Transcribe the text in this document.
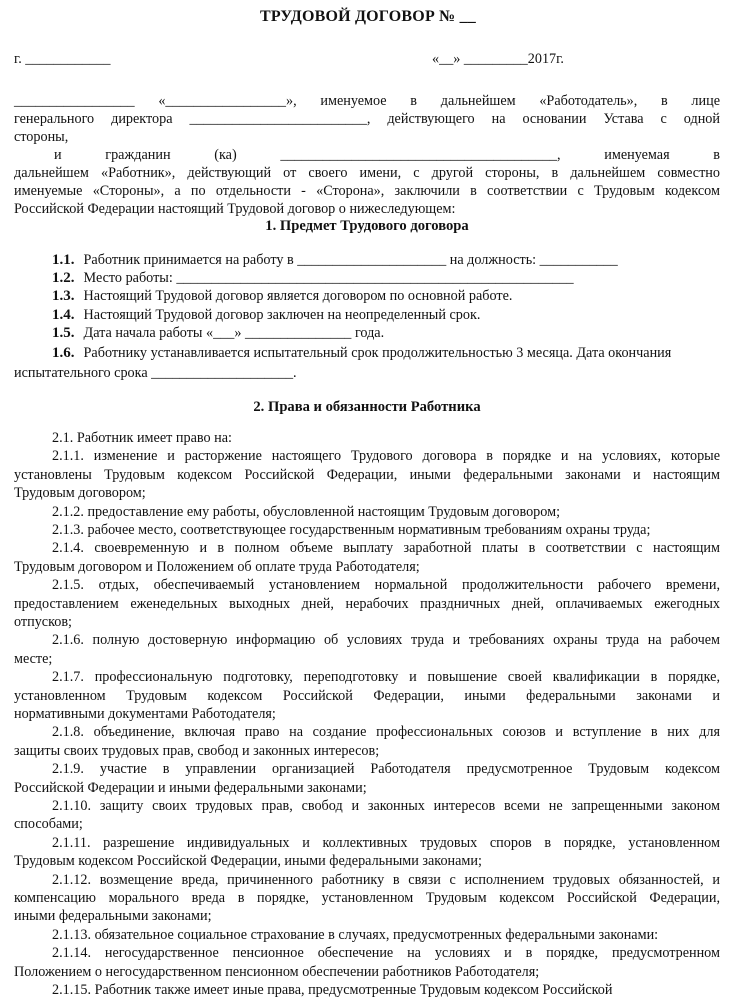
ТРУДОВОЙ ДОГОВОР № __
г. ____________	«__» _________2017г.
_________________ «_________________», именуемое в дальнейшем «Работодатель», в лице
генерального директора _________________________, действующего на основании Устава с одной
стороны,
и гражданин (ка) _______________________________________, именуемая в
дальнейшем «Работник», действующий от своего имени, с другой стороны, в дальнейшем совместно
именуемые «Стороны», а по отдельности - «Сторона», заключили в соответствии с Трудовым кодексом
Российской Федерации настоящий Трудовой договор о нижеследующем:
1. Предмет Трудового договора
1.1. Работник принимается на работу в _____________________ на должность: ___________
1.2. Место работы: ________________________________________________________
1.3. Настоящий Трудовой договор является договором по основной работе.
1.4. Настоящий Трудовой договор заключен на неопределенный срок.
1.5. Дата начала работы «___» _______________ года.
1.6. Работнику устанавливается испытательный срок продолжительностью 3 месяца. Дата окончания
испытательного срока ____________________.
2. Права и обязанности Работника
2.1. Работник имеет право на:
2.1.1. изменение и расторжение настоящего Трудового договора в порядке и на условиях, которые
установлены Трудовым кодексом Российской Федерации, иными федеральными законами и настоящим
Трудовым договором;
2.1.2. предоставление ему работы, обусловленной настоящим Трудовым договором;
2.1.3. рабочее место, соответствующее государственным нормативным требованиям охраны труда;
2.1.4. своевременную и в полном объеме выплату заработной платы в соответствии с настоящим
Трудовым договором и Положением об оплате труда Работодателя;
2.1.5. отдых, обеспечиваемый установлением нормальной продолжительности рабочего времени,
предоставлением еженедельных выходных дней, нерабочих праздничных дней, оплачиваемых ежегодных
отпусков;
2.1.6. полную достоверную информацию об условиях труда и требованиях охраны труда на рабочем
месте;
2.1.7. профессиональную подготовку, переподготовку и повышение своей квалификации в порядке,
установленном Трудовым кодексом Российской Федерации, иными федеральными законами и
нормативными документами Работодателя;
2.1.8. объединение, включая право на создание профессиональных союзов и вступление в них для
защиты своих трудовых прав, свобод и законных интересов;
2.1.9. участие в управлении организацией Работодателя предусмотренное Трудовым кодексом
Российской Федерации и иными федеральными законами;
2.1.10. защиту своих трудовых прав, свобод и законных интересов всеми не запрещенными законом
способами;
2.1.11. разрешение индивидуальных и коллективных трудовых споров в порядке, установленном
Трудовым кодексом Российской Федерации, иными федеральными законами;
2.1.12. возмещение вреда, причиненного работнику в связи с исполнением трудовых обязанностей, и
компенсацию морального вреда в порядке, установленном Трудовым кодексом Российской Федерации,
иными федеральными законами;
2.1.13. обязательное социальное страхование в случаях, предусмотренных федеральными законами:
2.1.14. негосударственное пенсионное обеспечение на условиях и в порядке, предусмотренном
Положением о негосударственном пенсионном обеспечении работников Работодателя;
2.1.15. Работник также имеет иные права, предусмотренные Трудовым кодексом Российской
